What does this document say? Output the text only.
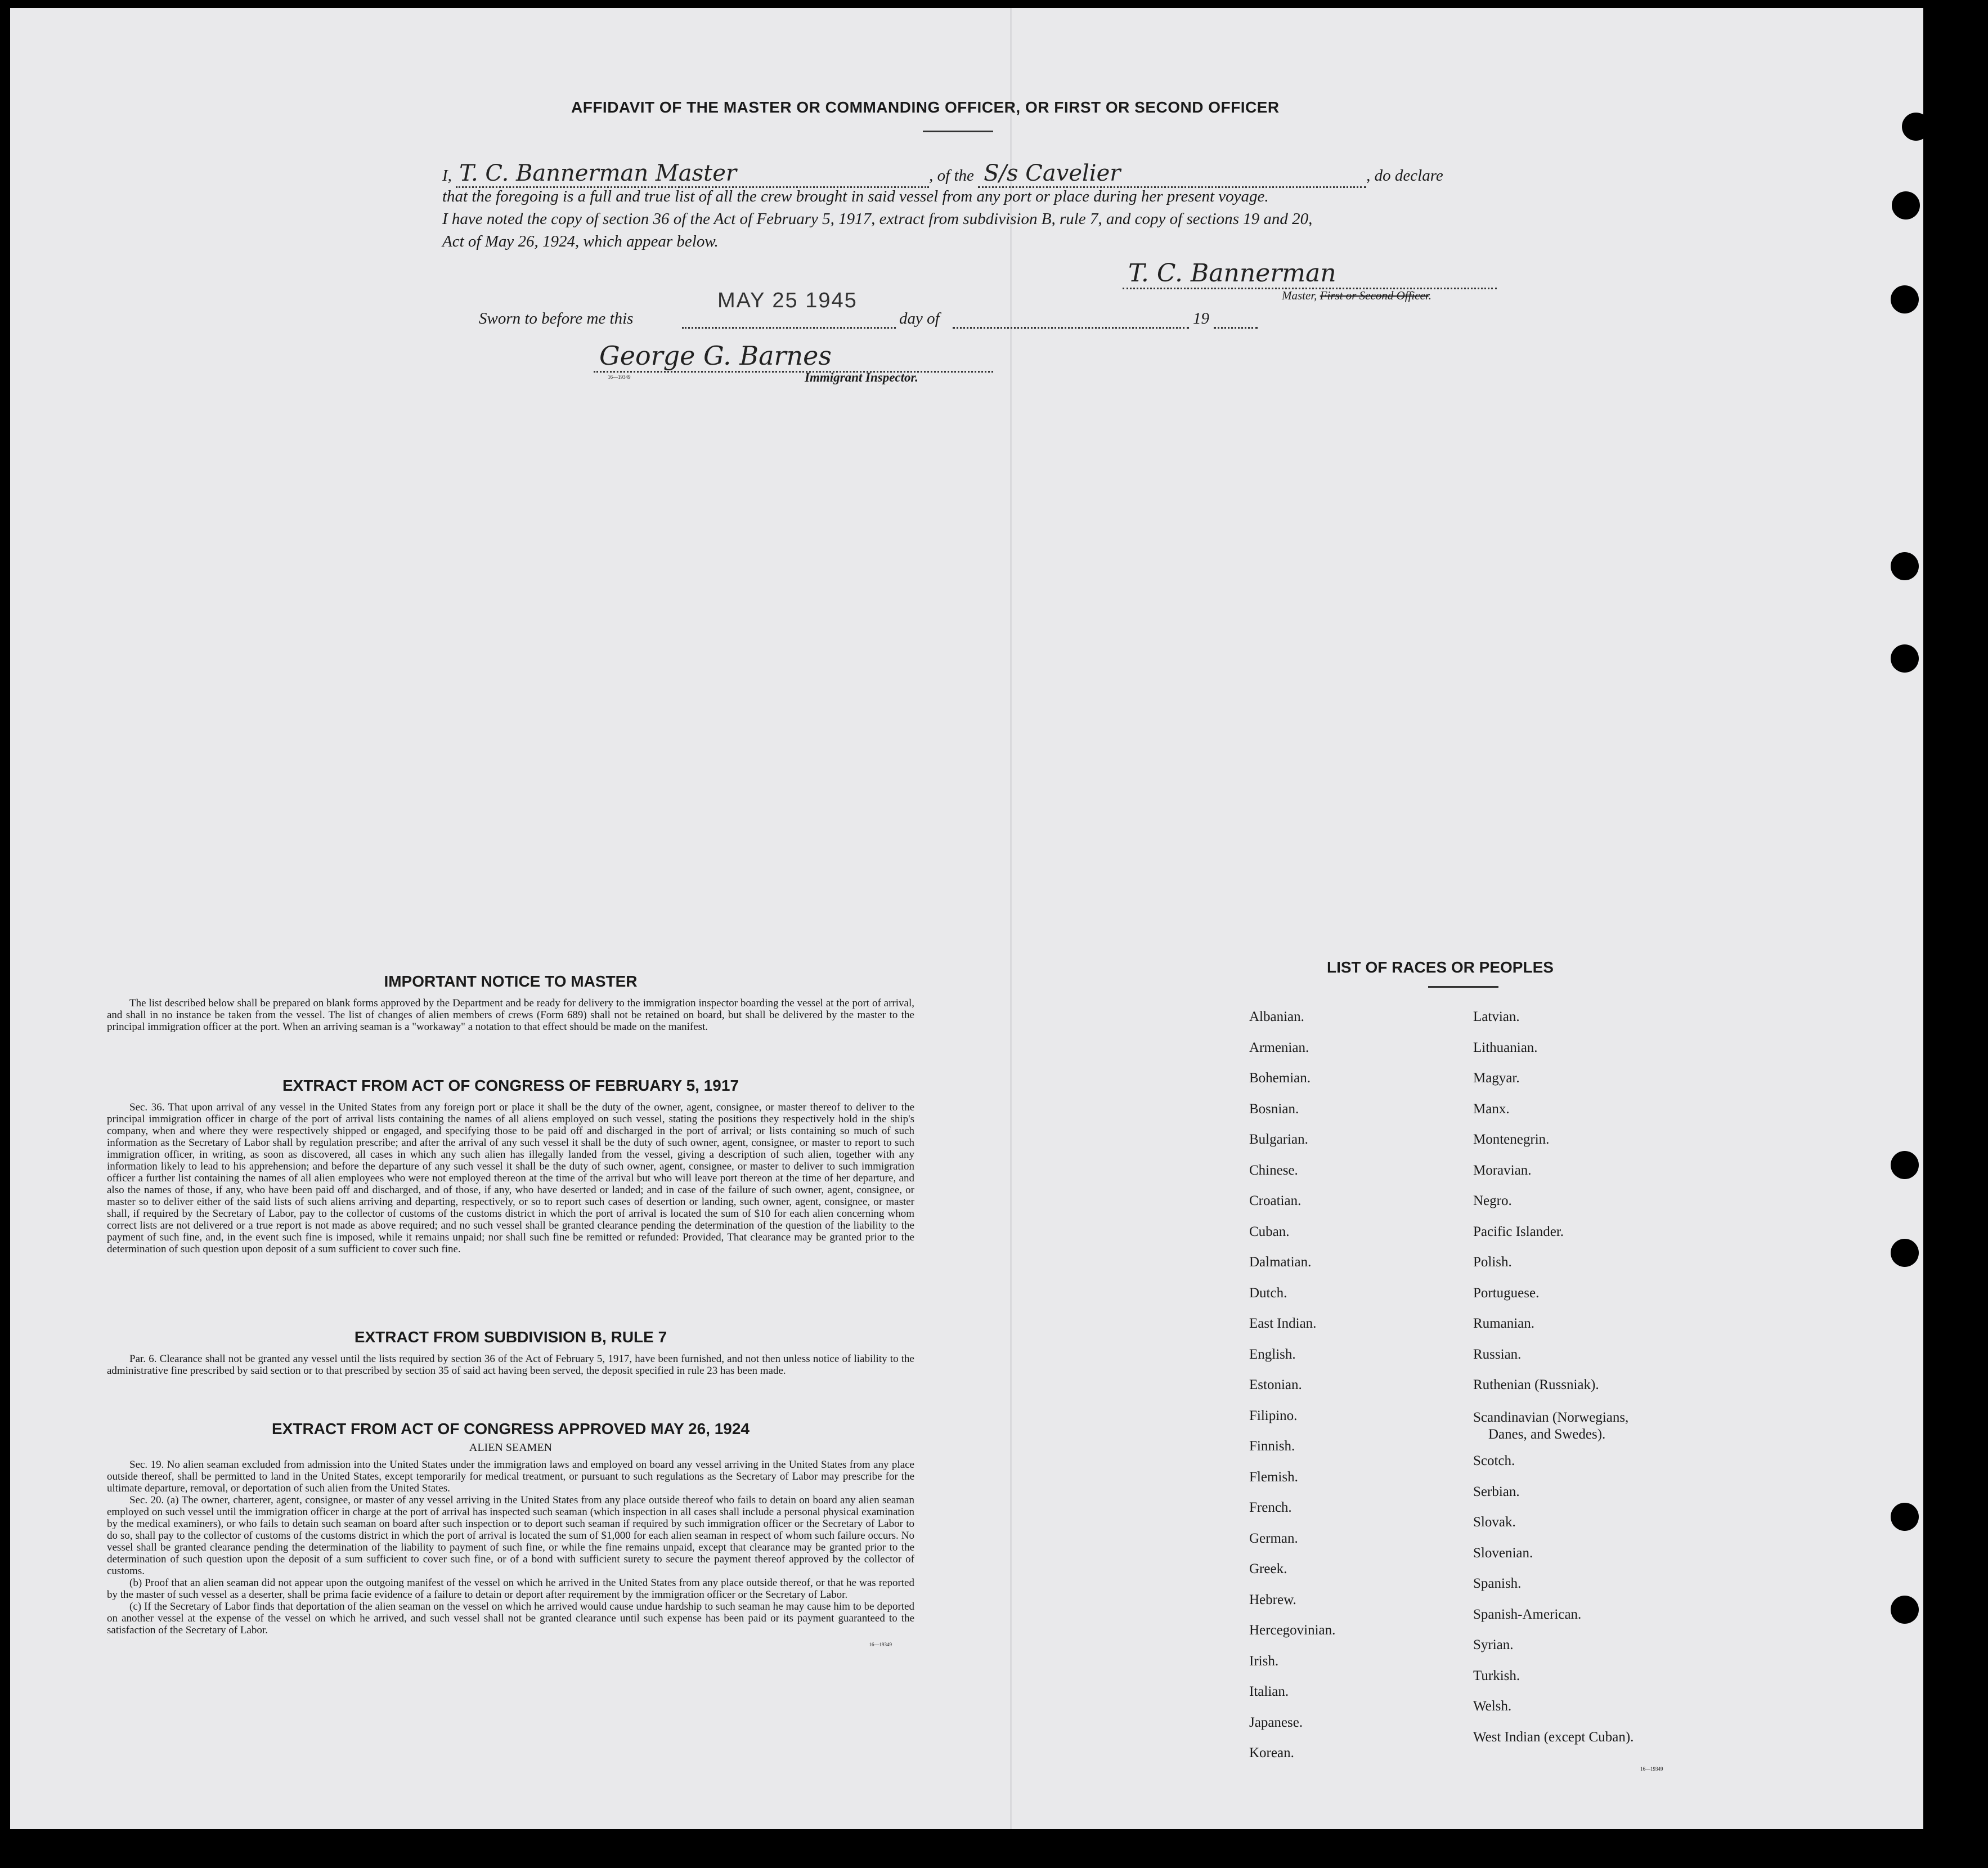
AFFIDAVIT OF THE MASTER OR COMMANDING OFFICER, OR FIRST OR SECOND OFFICER
I, T. C. Bannerman Master	, of the S/s Cavelier	, do declare
that the foregoing is a full and true list of all the crew brought in said vessel from any port or place during her present voyage.
I have noted the copy of section 36 of the Act of February 5, 1917, extract from subdivision B, rule 7, and copy of sections 19 and 20,
Act of May 26, 1924, which appear below.
T. C. Bannerman
Master, First or Second Officer.
Sworn to before me this
MAY 25 1945
day of	19
George G. Barnes
16—19349	Immigrant Inspector.
IMPORTANT NOTICE TO MASTER
The list described below shall be prepared on blank forms approved by the Department and be ready for delivery to the immigration inspector boarding the vessel at the port of arrival, and shall in no instance be taken from the vessel. The list of changes of alien members of crews (Form 689) shall not be retained on board, but shall be delivered by the master to the principal immigration officer at the port. When an arriving seaman is a "workaway" a notation to that effect should be made on the manifest.
EXTRACT FROM ACT OF CONGRESS OF FEBRUARY 5, 1917
Sec. 36. That upon arrival of any vessel in the United States from any foreign port or place it shall be the duty of the owner, agent, consignee, or master thereof to deliver to the principal immigration officer in charge of the port of arrival lists containing the names of all aliens employed on such vessel, stating the positions they respectively hold in the ship's company, when and where they were respectively shipped or engaged, and specifying those to be paid off and discharged in the port of arrival; or lists containing so much of such information as the Secretary of Labor shall by regulation prescribe; and after the arrival of any such vessel it shall be the duty of such owner, agent, consignee, or master to report to such immigration officer, in writing, as soon as discovered, all cases in which any such alien has illegally landed from the vessel, giving a description of such alien, together with any information likely to lead to his apprehension; and before the departure of any such vessel it shall be the duty of such owner, agent, consignee, or master to deliver to such immigration officer a further list containing the names of all alien employees who were not employed thereon at the time of the arrival but who will leave port thereon at the time of her departure, and also the names of those, if any, who have been paid off and discharged, and of those, if any, who have deserted or landed; and in case of the failure of such owner, agent, consignee, or master so to deliver either of the said lists of such aliens arriving and departing, respectively, or so to report such cases of desertion or landing, such owner, agent, consignee, or master shall, if required by the Secretary of Labor, pay to the collector of customs of the customs district in which the port of arrival is located the sum of $10 for each alien concerning whom correct lists are not delivered or a true report is not made as above required; and no such vessel shall be granted clearance pending the determination of the question of the liability to the payment of such fine, and, in the event such fine is imposed, while it remains unpaid; nor shall such fine be remitted or refunded: Provided, That clearance may be granted prior to the determination of such question upon deposit of a sum sufficient to cover such fine.
EXTRACT FROM SUBDIVISION B, RULE 7
Par. 6. Clearance shall not be granted any vessel until the lists required by section 36 of the Act of February 5, 1917, have been furnished, and not then unless notice of liability to the administrative fine prescribed by said section or to that prescribed by section 35 of said act having been served, the deposit specified in rule 23 has been made.
EXTRACT FROM ACT OF CONGRESS APPROVED MAY 26, 1924
ALIEN SEAMEN
Sec. 19. No alien seaman excluded from admission into the United States under the immigration laws and employed on board any vessel arriving in the United States from any place outside thereof, shall be permitted to land in the United States, except temporarily for medical treatment, or pursuant to such regulations as the Secretary of Labor may prescribe for the ultimate departure, removal, or deportation of such alien from the United States.
Sec. 20. (a) The owner, charterer, agent, consignee, or master of any vessel arriving in the United States from any place outside thereof who fails to detain on board any alien seaman employed on such vessel until the immigration officer in charge at the port of arrival has inspected such seaman (which inspection in all cases shall include a personal physical examination by the medical examiners), or who fails to detain such seaman on board after such inspection or to deport such seaman if required by such immigration officer or the Secretary of Labor to do so, shall pay to the collector of customs of the customs district in which the port of arrival is located the sum of $1,000 for each alien seaman in respect of whom such failure occurs. No vessel shall be granted clearance pending the determination of the liability to payment of such fine, or while the fine remains unpaid, except that clearance may be granted prior to the determination of such question upon the deposit of a sum sufficient to cover such fine, or of a bond with sufficient surety to secure the payment thereof approved by the collector of customs.
(b) Proof that an alien seaman did not appear upon the outgoing manifest of the vessel on which he arrived in the United States from any place outside thereof, or that he was reported by the master of such vessel as a deserter, shall be prima facie evidence of a failure to detain or deport after requirement by the immigration officer or the Secretary of Labor.
(c) If the Secretary of Labor finds that deportation of the alien seaman on the vessel on which he arrived would cause undue hardship to such seaman he may cause him to be deported on another vessel at the expense of the vessel on which he arrived, and such vessel shall not be granted clearance until such expense has been paid or its payment guaranteed to the satisfaction of the Secretary of Labor.
16—19349
LIST OF RACES OR PEOPLES
Albanian.
Armenian.
Bohemian.
Bosnian.
Bulgarian.
Chinese.
Croatian.
Cuban.
Dalmatian.
Dutch.
East Indian.
English.
Estonian.
Filipino.
Finnish.
Flemish.
French.
German.
Greek.
Hebrew.
Hercegovinian.
Irish.
Italian.
Japanese.
Korean.
Latvian.
Lithuanian.
Magyar.
Manx.
Montenegrin.
Moravian.
Negro.
Pacific Islander.
Polish.
Portuguese.
Rumanian.
Russian.
Ruthenian (Russniak).
Scandinavian (Norwegians,
Danes, and Swedes).
Scotch.
Serbian.
Slovak.
Slovenian.
Spanish.
Spanish-American.
Syrian.
Turkish.
Welsh.
West Indian (except Cuban).
16—19349
